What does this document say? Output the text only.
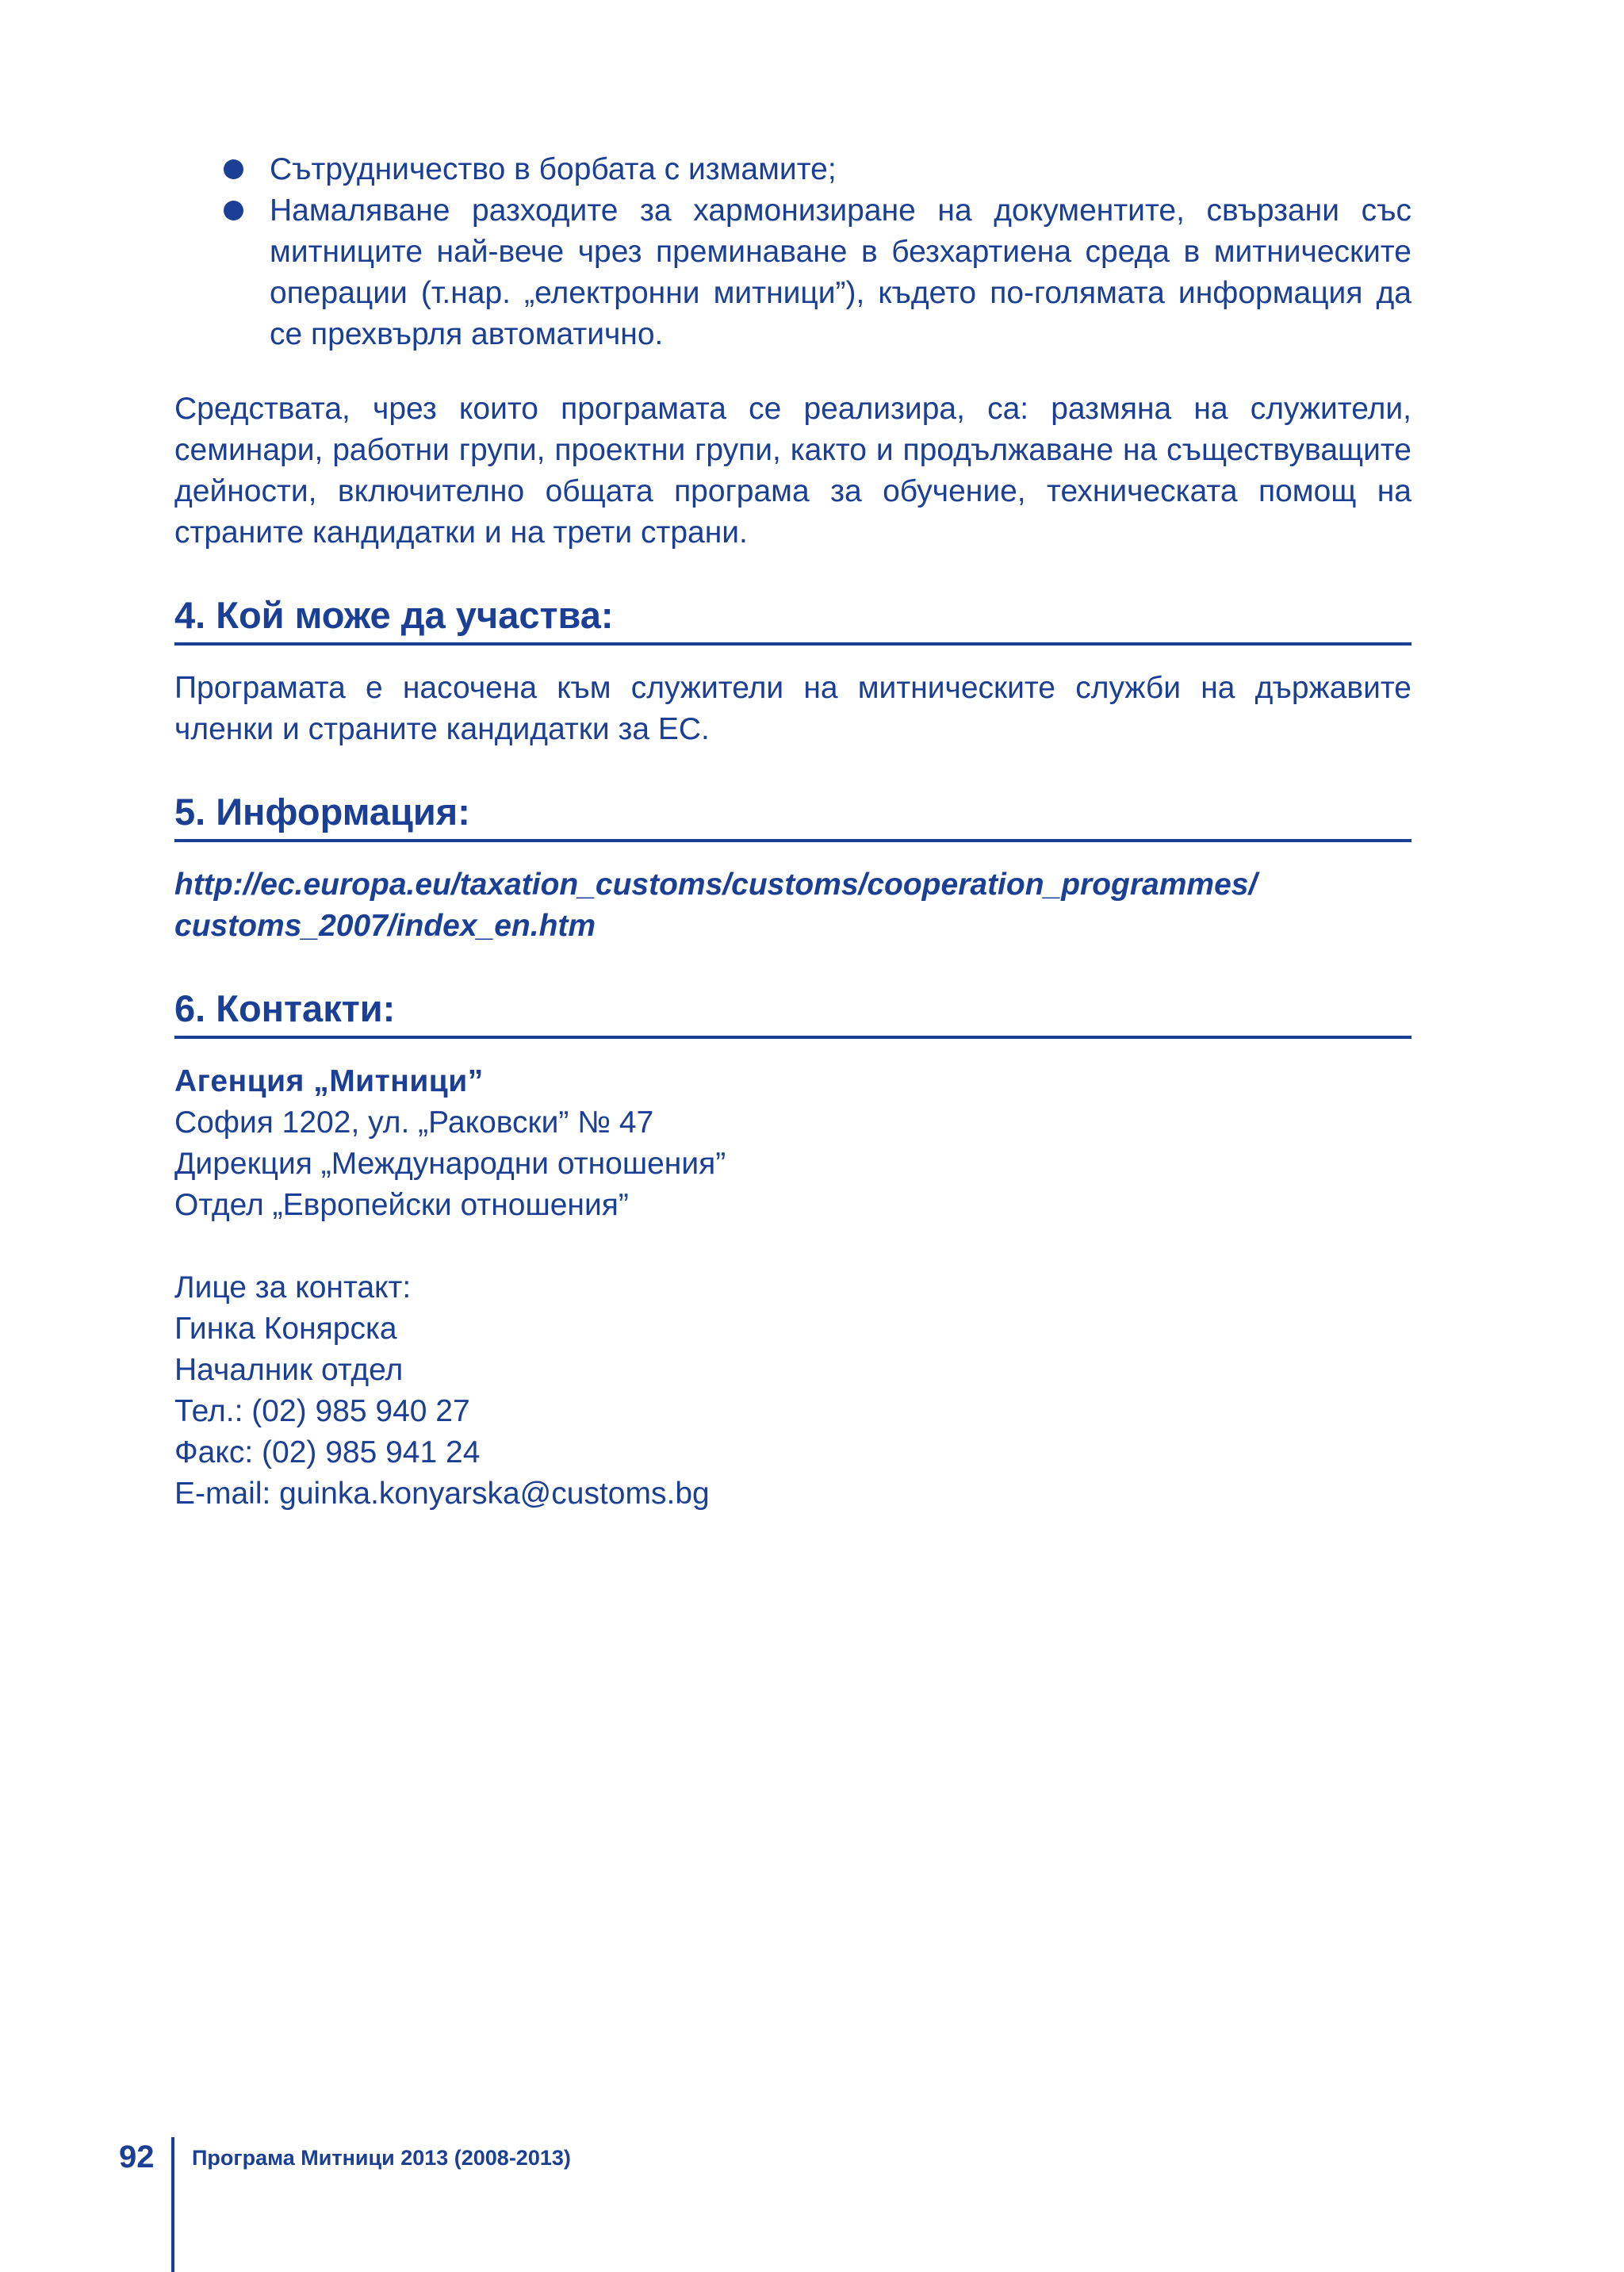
Сътрудничество в борбата с измамите;
Намаляване разходите за хармонизиране на документите, свързани със митниците най-вече чрез преминаване в безхартиена среда в митническите операции (т.нар. „електронни митници”), където по-голямата информация да се прехвърля автоматично.

Средствата, чрез които програмата се реализира, са: размяна на служители, семинари, работни групи, проектни групи, както и продължаване на съществуващите дейности, включително общата програма за обучение, техническата помощ на страните кандидатки и на трети страни.

4. Кой може да участва:
Програмата е насочена към служители на митническите служби на държавите членки и страните кандидатки за ЕС.
5. Информация:
http://ec.europa.eu/taxation_customs/customs/cooperation_programmes/
customs_2007/index_en.htm
6. Контакти:
Агенция „Митници”
София 1202, ул. „Раковски” № 47
Дирекция „Международни отношения”
Отдел „Европейски отношения”
Лице за контакт:
Гинка Конярска
Началник отдел
Тел.: (02) 985 940 27
Факс: (02) 985 941 24
E-mail: guinka.konyarska@customs.bg
92 Програма Митници 2013 (2008-2013)
